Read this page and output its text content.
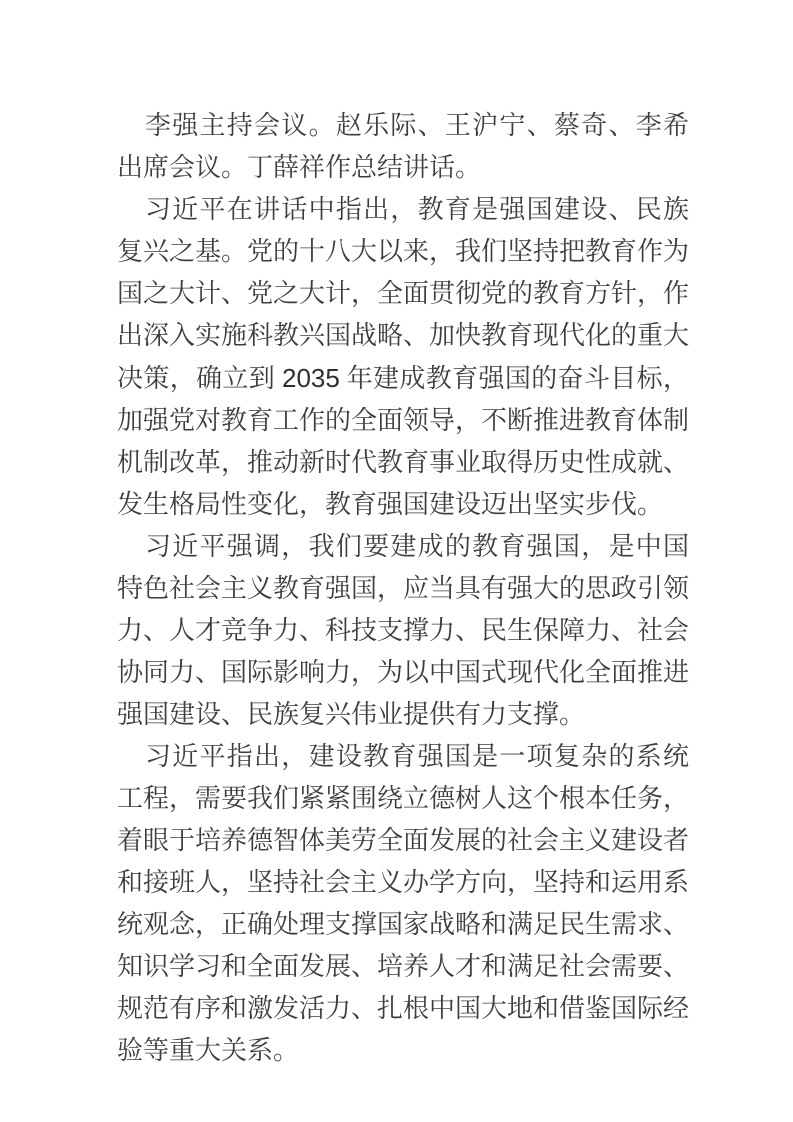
李强主持会议。赵乐际、王沪宁、蔡奇、李希出席会议。丁薛祥作总结讲话。

习近平在讲话中指出，教育是强国建设、民族复兴之基。党的十八大以来，我们坚持把教育作为国之大计、党之大计，全面贯彻党的教育方针，作出深入实施科教兴国战略、加快教育现代化的重大决策，确立到 2035 年建成教育强国的奋斗目标，加强党对教育工作的全面领导，不断推进教育体制机制改革，推动新时代教育事业取得历史性成就、发生格局性变化，教育强国建设迈出坚实步伐。

习近平强调，我们要建成的教育强国，是中国特色社会主义教育强国，应当具有强大的思政引领力、人才竞争力、科技支撑力、民生保障力、社会协同力、国际影响力，为以中国式现代化全面推进强国建设、民族复兴伟业提供有力支撑。

习近平指出，建设教育强国是一项复杂的系统工程，需要我们紧紧围绕立德树人这个根本任务，着眼于培养德智体美劳全面发展的社会主义建设者和接班人，坚持社会主义办学方向，坚持和运用系统观念，正确处理支撑国家战略和满足民生需求、知识学习和全面发展、培养人才和满足社会需要、规范有序和激发活力、扎根中国大地和借鉴国际经验等重大关系。
